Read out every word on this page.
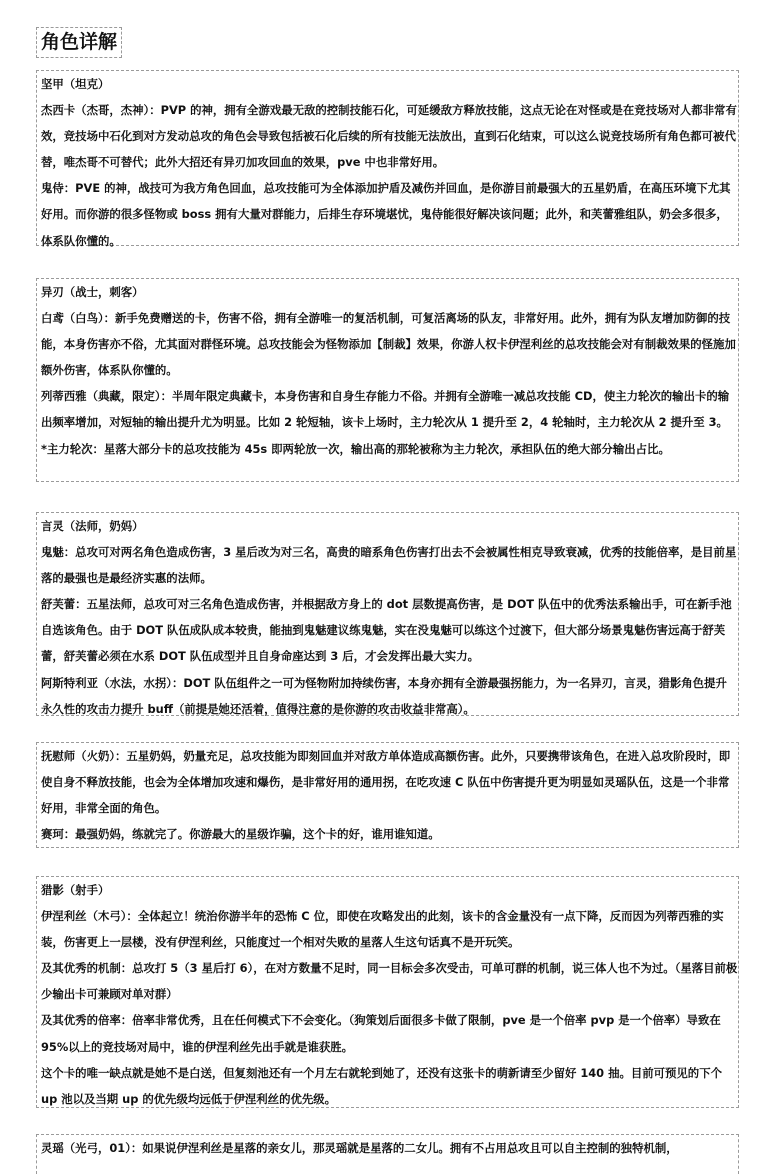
角色详解

坚甲（坦克）

杰西卡（杰哥，杰神）：PVP 的神，拥有全游戏最无敌的控制技能石化，可延缓敌方释放技能，这点无论在对怪或是在竞技场对人都非常有效，竞技场中石化到对方发动总攻的角色会导致包括被石化后续的所有技能无法放出，直到石化结束，可以这么说竞技场所有角色都可被代替，唯杰哥不可替代；此外大招还有异刃加攻回血的效果，pve 中也非常好用。

鬼侍：PVE 的神，战技可为我方角色回血，总攻技能可为全体添加护盾及减伤并回血，是你游目前最强大的五星奶盾，在高压环境下尤其好用。而你游的很多怪物或 boss 拥有大量对群能力，后排生存环境堪忧，鬼侍能很好解决该问题；此外，和芙蕾雅组队，奶会多很多，体系队你懂的。

异刃（战士，刺客）

白鸢（白鸟）：新手免费赠送的卡，伤害不俗，拥有全游唯一的复活机制，可复活离场的队友，非常好用。此外，拥有为队友增加防御的技能，本身伤害亦不俗，尤其面对群怪环境。总攻技能会为怪物添加【制裁】效果，你游人权卡伊涅利丝的总攻技能会对有制裁效果的怪施加额外伤害，体系队你懂的。

列蒂西雅（典藏，限定）：半周年限定典藏卡，本身伤害和自身生存能力不俗。并拥有全游唯一减总攻技能 CD，使主力轮次的输出卡的输出频率增加，对短轴的输出提升尤为明显。比如 2 轮短轴，该卡上场时，主力轮次从 1 提升至 2，4 轮轴时，主力轮次从 2 提升至 3。

*主力轮次：星落大部分卡的总攻技能为 45s 即两轮放一次，输出高的那轮被称为主力轮次，承担队伍的绝大部分输出占比。

言灵（法师，奶妈）

鬼魅：总攻可对两名角色造成伤害，3 星后改为对三名，高贵的暗系角色伤害打出去不会被属性相克导致衰减，优秀的技能倍率，是目前星落的最强也是最经济实惠的法师。

舒芙蕾：五星法师，总攻可对三名角色造成伤害，并根据敌方身上的 dot 层数提高伤害，是 DOT 队伍中的优秀法系输出手，可在新手池自选该角色。由于 DOT 队伍成队成本较贵，能抽到鬼魅建议练鬼魅，实在没鬼魅可以练这个过渡下，但大部分场景鬼魅伤害远高于舒芙蕾，舒芙蕾必须在水系 DOT 队伍成型并且自身命座达到 3 后，才会发挥出最大实力。

阿斯特利亚（水法，水拐）：DOT 队伍组件之一可为怪物附加持续伤害，本身亦拥有全游最强拐能力，为一名异刃，言灵，猎影角色提升永久性的攻击力提升 buff（前提是她还活着，值得注意的是你游的攻击收益非常高）。

抚慰师（火奶）：五星奶妈，奶量充足，总攻技能为即刻回血并对敌方单体造成高额伤害。此外，只要携带该角色，在进入总攻阶段时，即使自身不释放技能，也会为全体增加攻速和爆伤，是非常好用的通用拐，在吃攻速 C 队伍中伤害提升更为明显如灵瑶队伍，这是一个非常好用，非常全面的角色。

赛珂：最强奶妈，练就完了。你游最大的星级诈骗，这个卡的好，谁用谁知道。

猎影（射手）

伊涅利丝（木弓）：全体起立！统治你游半年的恐怖 C 位，即使在攻略发出的此刻，该卡的含金量没有一点下降，反而因为列蒂西雅的实装，伤害更上一层楼，没有伊涅利丝，只能度过一个相对失败的星落人生这句话真不是开玩笑。

及其优秀的机制：总攻打 5（3 星后打 6），在对方数量不足时，同一目标会多次受击，可单可群的机制，说三体人也不为过。（星落目前极少输出卡可兼顾对单对群）

及其优秀的倍率：倍率非常优秀，且在任何模式下不会变化。（狗策划后面很多卡做了限制，pve 是一个倍率 pvp 是一个倍率）导致在 95%以上的竞技场对局中，谁的伊涅利丝先出手就是谁获胜。

这个卡的唯一缺点就是她不是白送，但复刻池还有一个月左右就轮到她了，还没有这张卡的萌新请至少留好 140 抽。目前可预见的下个 up 池以及当期 up 的优先级均远低于伊涅利丝的优先级。

灵瑶（光弓，01）：如果说伊涅利丝是星落的亲女儿，那灵瑶就是星落的二女儿。拥有不占用总攻且可以自主控制的独特机制，
